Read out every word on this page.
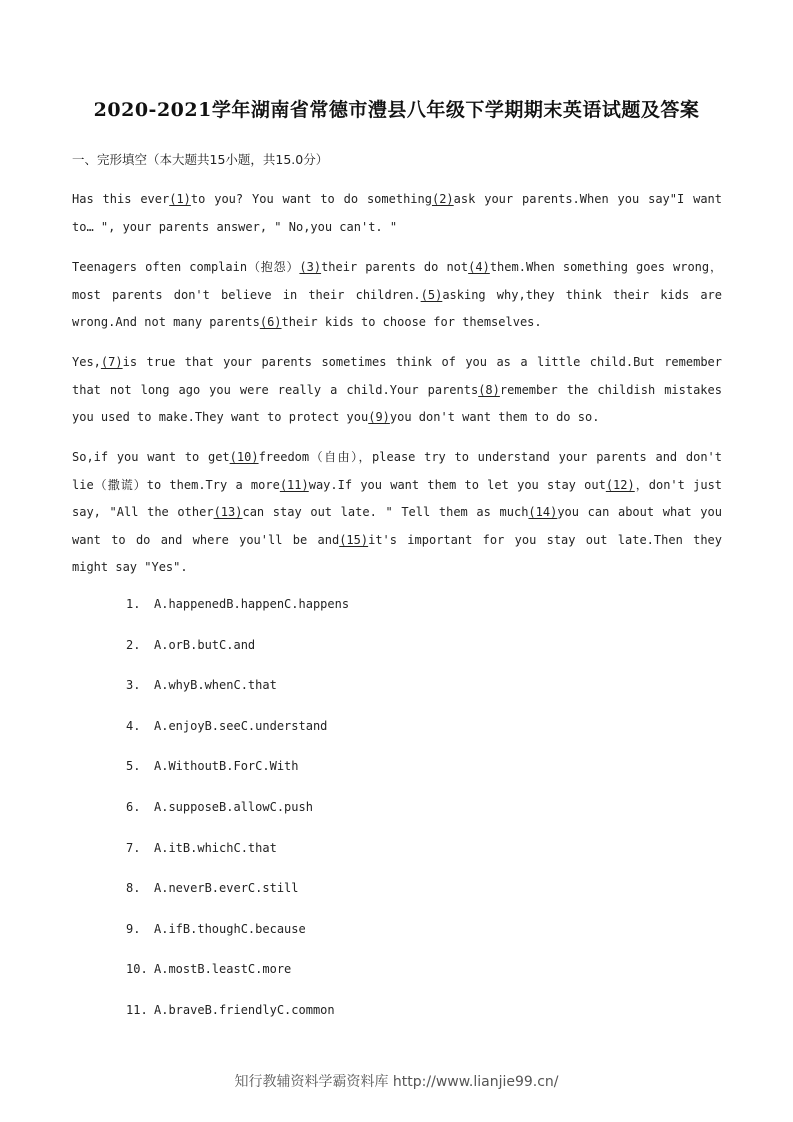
2020-2021学年湖南省常德市澧县八年级下学期期末英语试题及答案
一、完形填空（本大题共15小题，共15.0分）

Has this ever(1)to you? You want to do something(2)ask your parents.When you say"I want to… ", your parents answer, " No,you can't. "

Teenagers often complain（抱怨）(3)their parents do not(4)them.When something goes wrong，most parents don't believe in their children.(5)asking why,they think their kids are wrong.And not many parents(6)their kids to choose for themselves.

Yes,(7)is true that your parents sometimes think of you as a little child.But remember that not long ago you were really a child.Your parents(8)remember the childish mistakes you used to make.They want to protect you(9)you don't want them to do so.

So,if you want to get(10)freedom（自由），please try to understand your parents and don't lie（撒谎）to them.Try a more(11)way.If you want them to let you stay out(12)，don't just say, "All the other(13)can stay out late. " Tell them as much(14)you can about what you want to do and where you'll be and(15)it's important for you stay out late.Then they might say "Yes".

1. A.happenedB.happenC.happens
2. A.orB.butC.and
3. A.whyB.whenC.that
4. A.enjoyB.seeC.understand
5. A.WithoutB.ForC.With
6. A.supposeB.allowC.push
7. A.itB.whichC.that
8. A.neverB.everC.still
9. A.ifB.thoughC.because
10. A.mostB.leastC.more
11. A.braveB.friendlyC.common
知行教辅资料学霸资料库 http://www.lianjie99.cn/
